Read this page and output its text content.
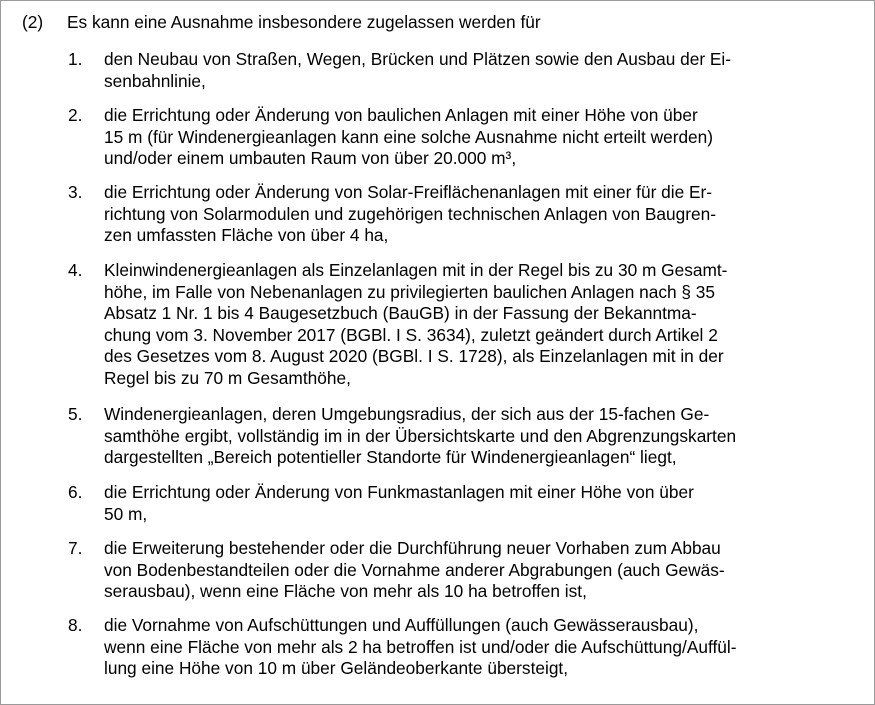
(2) Es kann eine Ausnahme insbesondere zugelassen werden für
1. den Neubau von Straßen, Wegen, Brücken und Plätzen sowie den Ausbau der Ei-
senbahnlinie,
2. die Errichtung oder Änderung von baulichen Anlagen mit einer Höhe von über
15 m (für Windenergieanlagen kann eine solche Ausnahme nicht erteilt werden)
und/oder einem umbauten Raum von über 20.000 m³,
3. die Errichtung oder Änderung von Solar-Freiflächenanlagen mit einer für die Er-
richtung von Solarmodulen und zugehörigen technischen Anlagen von Baugren-
zen umfassten Fläche von über 4 ha,
4. Kleinwindenergieanlagen als Einzelanlagen mit in der Regel bis zu 30 m Gesamt-
höhe, im Falle von Nebenanlagen zu privilegierten baulichen Anlagen nach § 35
Absatz 1 Nr. 1 bis 4 Baugesetzbuch (BauGB) in der Fassung der Bekanntma-
chung vom 3. November 2017 (BGBl. I S. 3634), zuletzt geändert durch Artikel 2
des Gesetzes vom 8. August 2020 (BGBl. I S. 1728), als Einzelanlagen mit in der
Regel bis zu 70 m Gesamthöhe,
5. Windenergieanlagen, deren Umgebungsradius, der sich aus der 15-fachen Ge-
samthöhe ergibt, vollständig im in der Übersichtskarte und den Abgrenzungskarten
dargestellten „Bereich potentieller Standorte für Windenergieanlagen“ liegt,
6. die Errichtung oder Änderung von Funkmastanlagen mit einer Höhe von über
50 m,
7. die Erweiterung bestehender oder die Durchführung neuer Vorhaben zum Abbau
von Bodenbestandteilen oder die Vornahme anderer Abgrabungen (auch Gewäs-
serausbau), wenn eine Fläche von mehr als 10 ha betroffen ist,
8. die Vornahme von Aufschüttungen und Auffüllungen (auch Gewässerausbau),
wenn eine Fläche von mehr als 2 ha betroffen ist und/oder die Aufschüttung/Auffül-
lung eine Höhe von 10 m über Geländeoberkante übersteigt,
